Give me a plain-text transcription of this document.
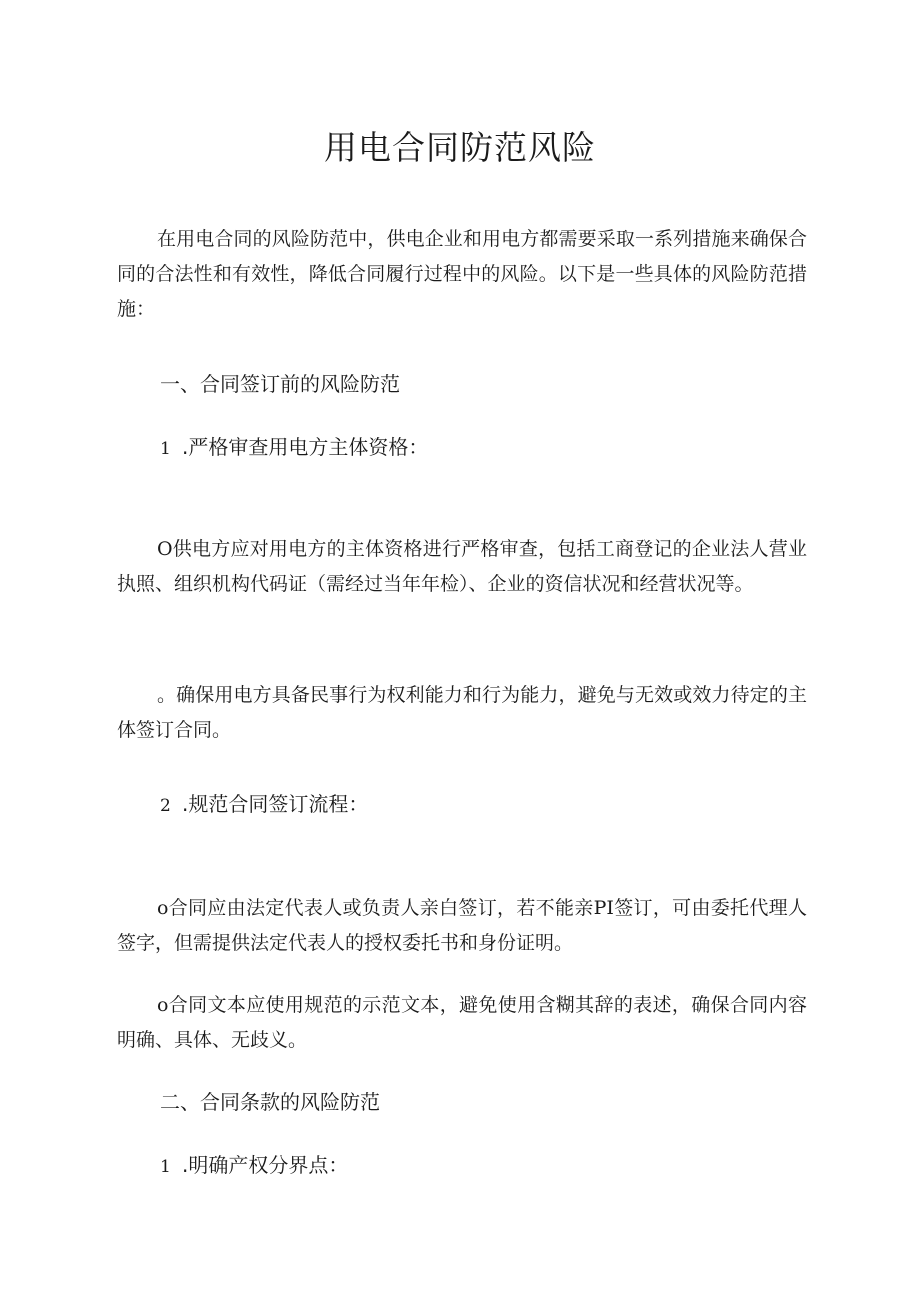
用电合同防范风险

在用电合同的风险防范中，供电企业和用电方都需要采取一系列措施来确保合同的合法性和有效性，降低合同履行过程中的风险。以下是一些具体的风险防范措施：

一、合同签订前的风险防范
1 .严格审查用电方主体资格：

O供电方应对用电方的主体资格进行严格审查，包括工商登记的企业法人营业执照、组织机构代码证（需经过当年年检）、企业的资信状况和经营状况等。

。确保用电方具备民事行为权利能力和行为能力，避免与无效或效力待定的主体签订合同。

2 .规范合同签订流程：

o合同应由法定代表人或负责人亲白签订，若不能亲PI签订，可由委托代理人签字，但需提供法定代表人的授权委托书和身份证明。

o合同文本应使用规范的示范文本，避免使用含糊其辞的表述，确保合同内容明确、具体、无歧义。

二、合同条款的风险防范
1 .明确产权分界点：
